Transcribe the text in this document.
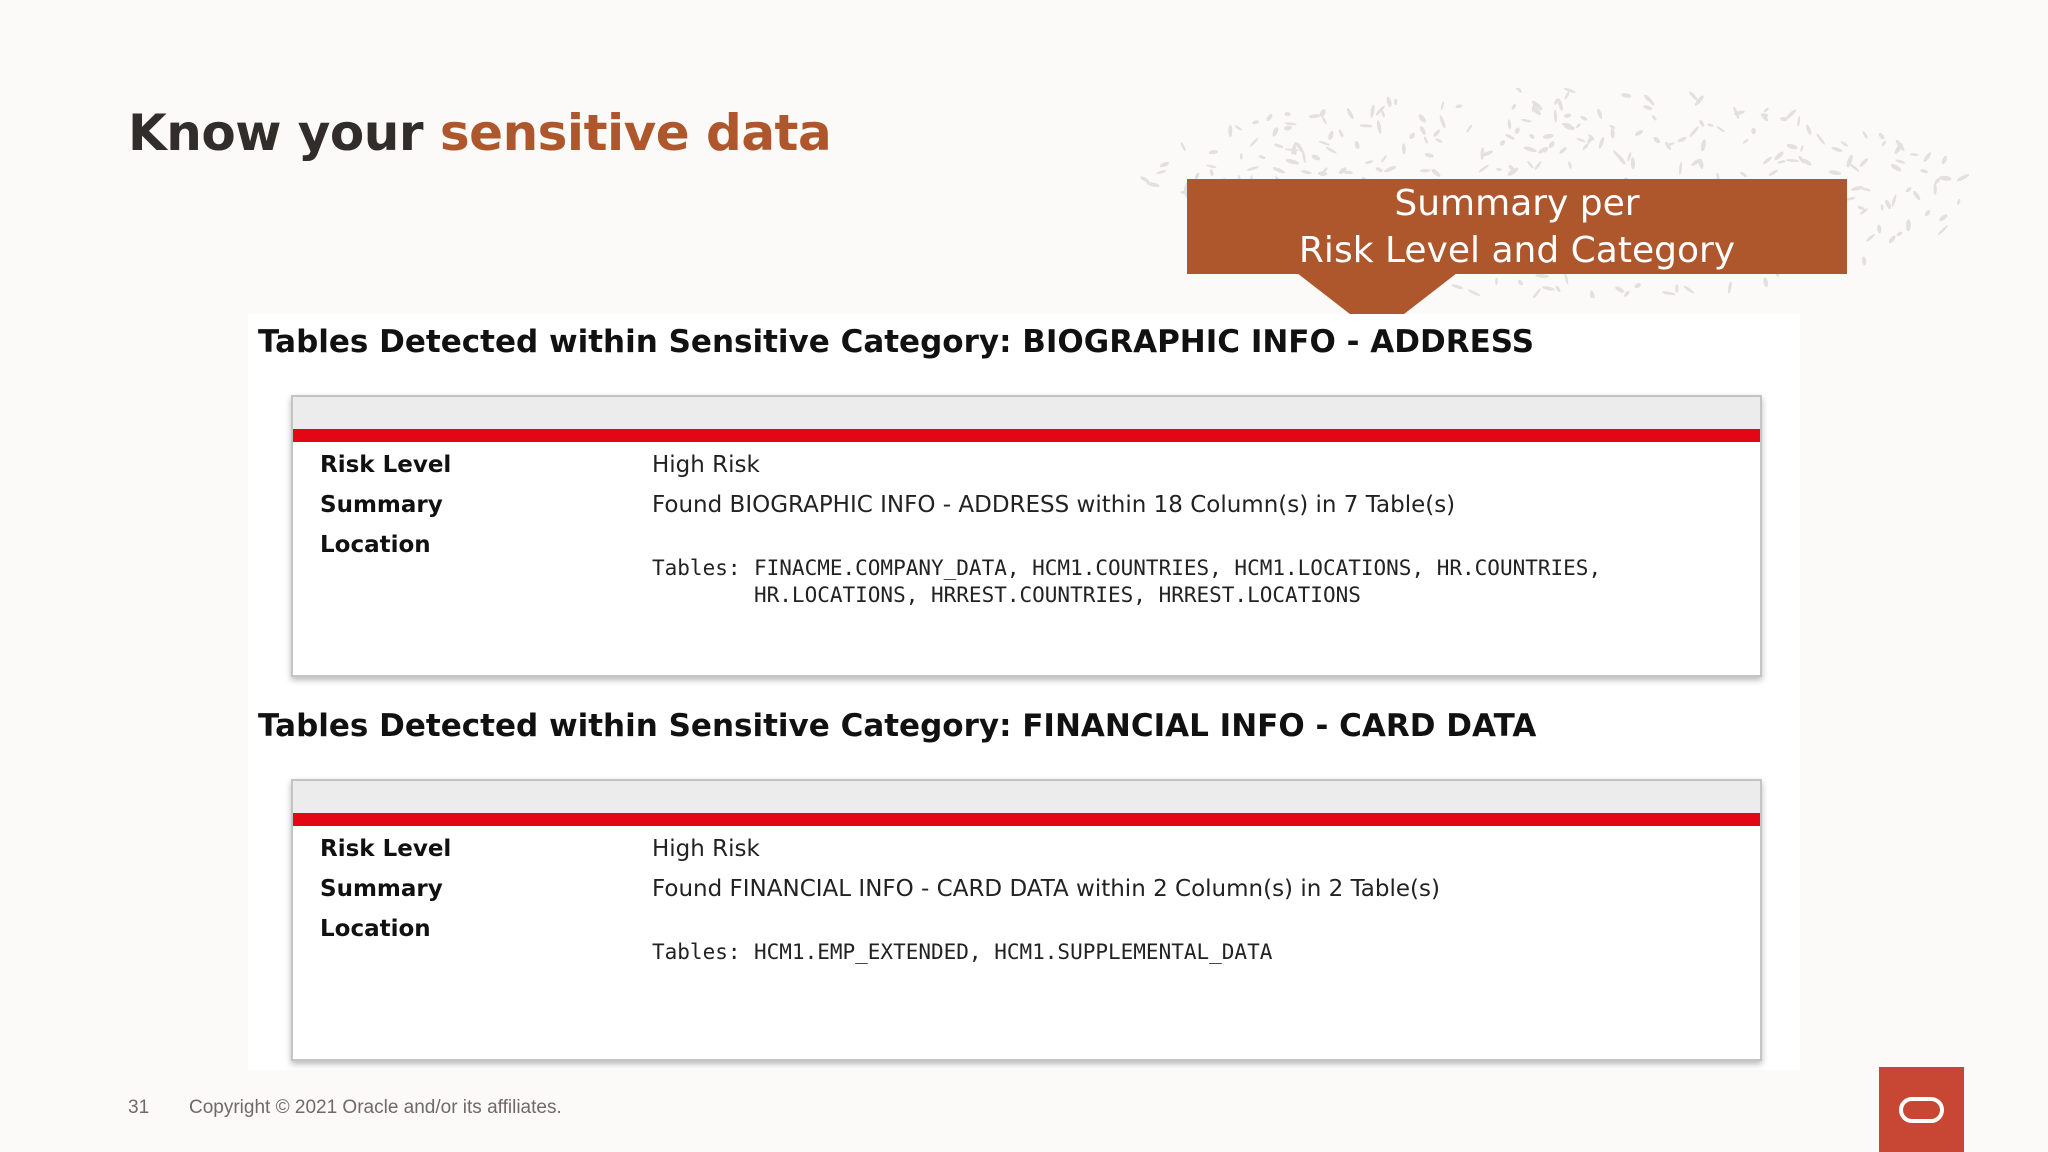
Know your sensitive data
Summary per
Risk Level and Category
Tables Detected within Sensitive Category: BIOGRAPHIC INFO - ADDRESS
Risk Level	High Risk
Summary	Found BIOGRAPHIC INFO - ADDRESS within 18 Column(s) in 7 Table(s)
Location
Tables: FINACME.COMPANY_DATA, HCM1.COUNTRIES, HCM1.LOCATIONS, HR.COUNTRIES,
HR.LOCATIONS, HRREST.COUNTRIES, HRREST.LOCATIONS
Tables Detected within Sensitive Category: FINANCIAL INFO - CARD DATA
Risk Level	High Risk
Summary	Found FINANCIAL INFO - CARD DATA within 2 Column(s) in 2 Table(s)
Location
Tables: HCM1.EMP_EXTENDED, HCM1.SUPPLEMENTAL_DATA
31 Copyright © 2021 Oracle and/or its affiliates.
